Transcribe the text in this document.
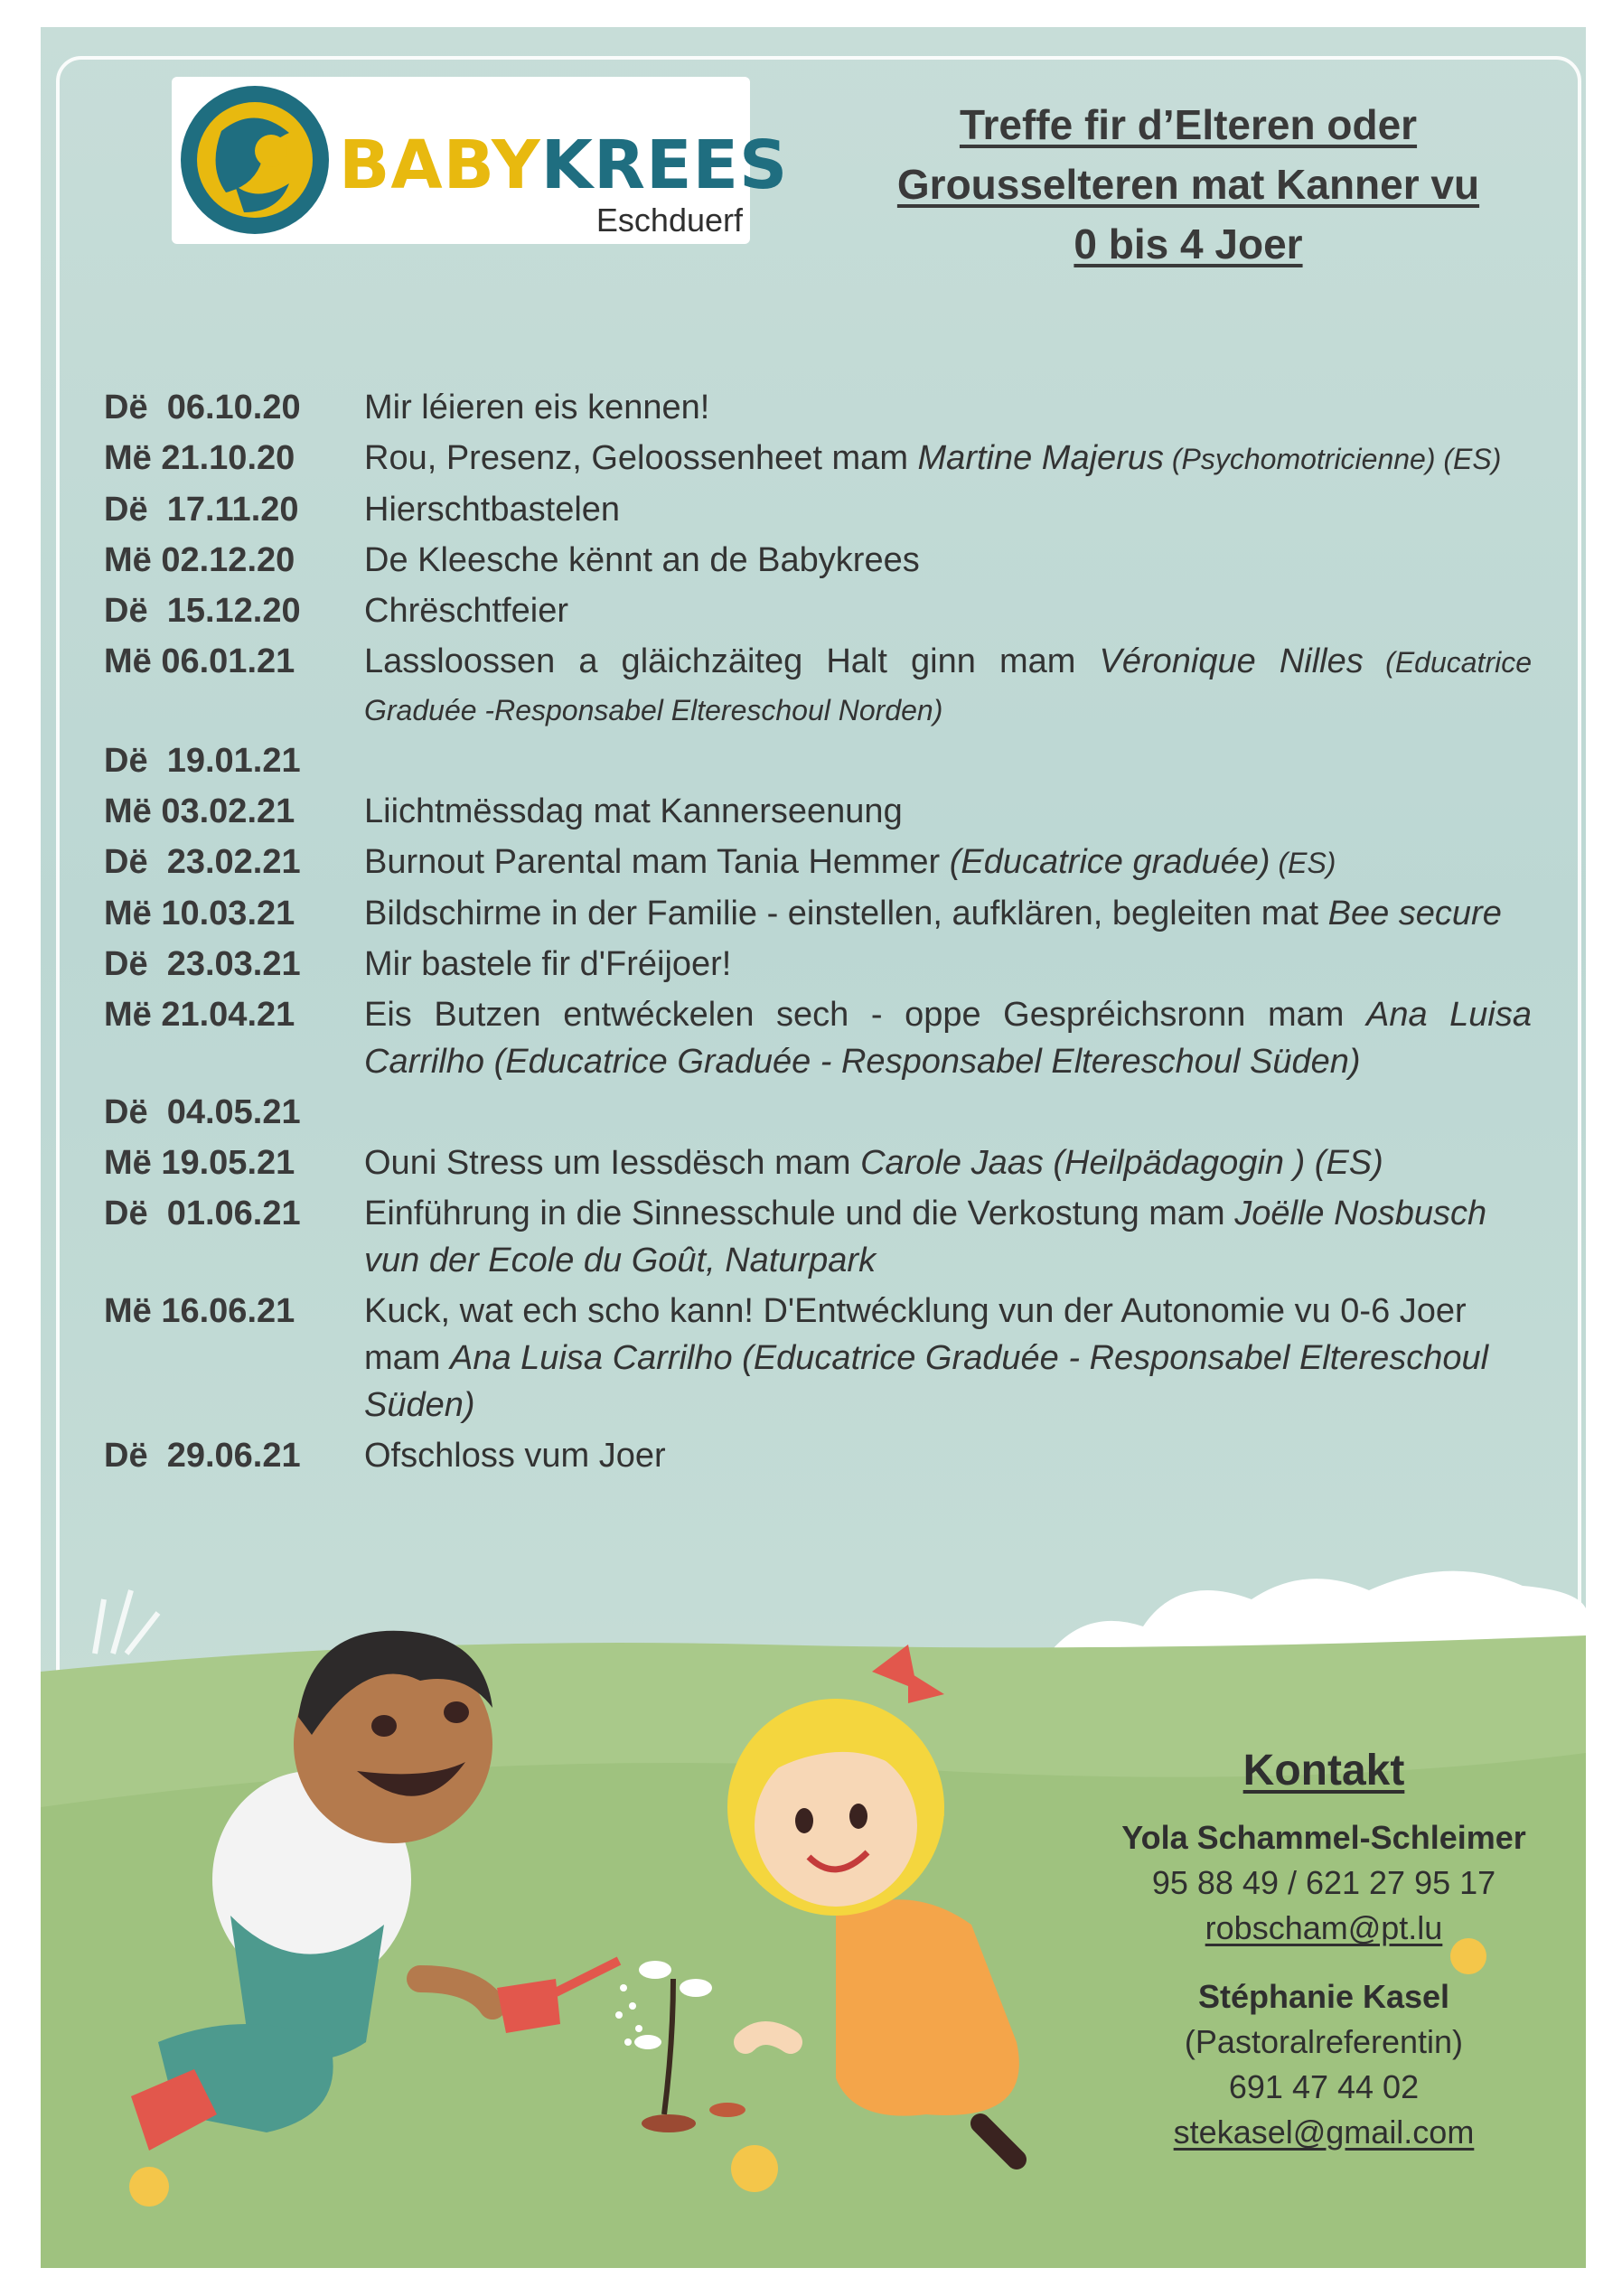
BABYKREES
Eschduerf
Treffe fir d’Elteren oder
Grousselteren mat Kanner vu
0 bis 4 Joer
Dë  06.10.20	Mir léieren eis kennen!
Më 21.10.20	Rou, Presenz, Geloossenheet mam Martine Majerus (Psychomotricienne) (ES)
Dë  17.11.20	Hierschtbastelen
Më 02.12.20	De Kleesche kënnt an de Babykrees
Dë  15.12.20	Chrëschtfeier
Më 06.01.21	Lassloossen a gläichzäiteg Halt ginn mam Véronique Nilles (Educatrice Graduée -Responsabel Eltereschoul Norden)
Dë  19.01.21
Më 03.02.21	Liichtmëssdag mat Kannerseenung
Dë  23.02.21	Burnout Parental mam Tania Hemmer (Educatrice graduée) (ES)
Më 10.03.21	Bildschirme in der Familie - einstellen, aufklären, begleiten mat Bee secure
Dë  23.03.21	Mir bastele fir d'Fréijoer!
Më 21.04.21	Eis Butzen entwéckelen sech - oppe Gespréichsronn mam Ana Luisa Carrilho (Educatrice Graduée - Responsabel Eltereschoul Süden)
Dë  04.05.21
Më 19.05.21	Ouni Stress um Iessdësch mam Carole Jaas (Heilpädagogin ) (ES)
Dë  01.06.21	Einführung in die Sinnesschule und die Verkostung mam Joëlle Nosbusch vun der Ecole du Goût, Naturpark
Më 16.06.21	Kuck, wat ech scho kann! D'Entwécklung vun der Autonomie vu 0-6 Joer mam Ana Luisa Carrilho (Educatrice Graduée - Responsabel Eltereschoul Süden)
Dë  29.06.21	Ofschloss vum Joer
Kontakt
Yola Schammel-Schleimer
95 88 49 / 621 27 95 17
robscham@pt.lu
Stéphanie Kasel
(Pastoralreferentin)
691 47 44 02
stekasel@gmail.com
